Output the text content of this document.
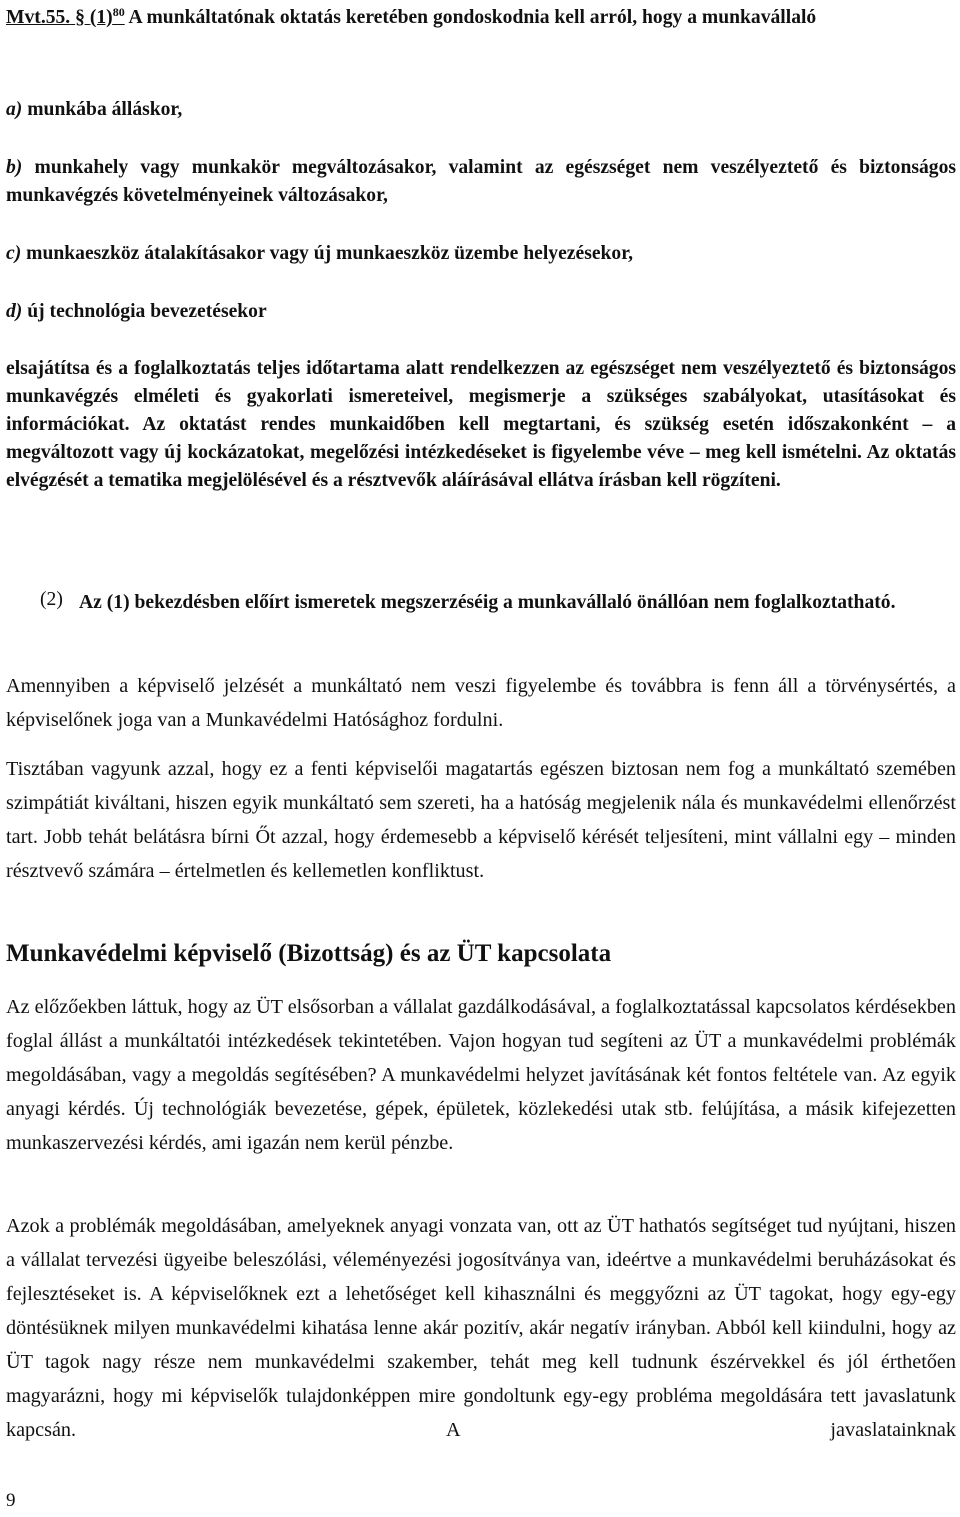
Mvt.55. § $(1)^{80}$ A munkáltatónak oktatás keretében gondoskodnia kell arról, hogy a munkavállaló

a) munkába álláskor,

b) munkahely vagy munkakör megváltozásakor, valamint az egészséget nem veszélyeztető és biztonságos munkavégzés követelményeinek változásakor,

c) munkaeszköz átalakításakor vagy új munkaeszköz üzembe helyezésekor,

d) új technológia bevezetésekor

elsajátítsa és a foglalkoztatás teljes időtartama alatt rendelkezzen az egészséget nem veszélyeztető és biztonságos munkavégzés elméleti és gyakorlati ismereteivel, megismerje a szükséges szabályokat, utasításokat és információkat. Az oktatást rendes munkaidőben kell megtartani, és szükség esetén időszakonként – a megváltozott vagy új kockázatokat, megelőzési intézkedéseket is figyelembe véve – meg kell ismételni. Az oktatás elvégzését a tematika megjelölésével és a résztvevők aláírásával ellátva írásban kell rögzíteni.

(2) Az (1) bekezdésben előírt ismeretek megszerzéséig a munkavállaló önállóan nem foglalkoztatható.

Amennyiben a képviselő jelzését a munkáltató nem veszi figyelembe és továbbra is fenn áll a törvénysértés, a képviselőnek joga van a Munkavédelmi Hatósághoz fordulni.

Tisztában vagyunk azzal, hogy ez a fenti képviselői magatartás egészen biztosan nem fog a munkáltató szemében szimpátiát kiváltani, hiszen egyik munkáltató sem szereti, ha a hatóság megjelenik nála és munkavédelmi ellenőrzést tart. Jobb tehát belátásra bírni Őt azzal, hogy érdemesebb a képviselő kérését teljesíteni, mint vállalni egy – minden résztvevő számára – értelmetlen és kellemetlen konfliktust.

Munkavédelmi képviselő (Bizottság) és az ÜT kapcsolata

Az előzőekben láttuk, hogy az ÜT elsősorban a vállalat gazdálkodásával, a foglalkoztatással kapcsolatos kérdésekben foglal állást a munkáltatói intézkedések tekintetében. Vajon hogyan tud segíteni az ÜT a munkavédelmi problémák megoldásában, vagy a megoldás segítésében? A munkavédelmi helyzet javításának két fontos feltétele van. Az egyik anyagi kérdés. Új technológiák bevezetése, gépek, épületek, közlekedési utak stb. felújítása, a másik kifejezetten munkaszervezési kérdés, ami igazán nem kerül pénzbe.

Azok a problémák megoldásában, amelyeknek anyagi vonzata van, ott az ÜT hathatós segítséget tud nyújtani, hiszen a vállalat tervezési ügyeibe beleszólási, véleményezési jogosítványa van, ideértve a munkavédelmi beruházásokat és fejlesztéseket is. A képviselőknek ezt a lehetőséget kell kihasználni és meggyőzni az ÜT tagokat, hogy egy-egy döntésüknek milyen munkavédelmi kihatása lenne akár pozitív, akár negatív irányban. Abból kell kiindulni, hogy az ÜT tagok nagy része nem munkavédelmi szakember, tehát meg kell tudnunk észérvekkel és jól érthetően magyarázni, hogy mi képviselők tulajdonképpen mire gondoltunk egy-egy probléma megoldására tett javaslatunk kapcsán. A javaslatainknak

9
